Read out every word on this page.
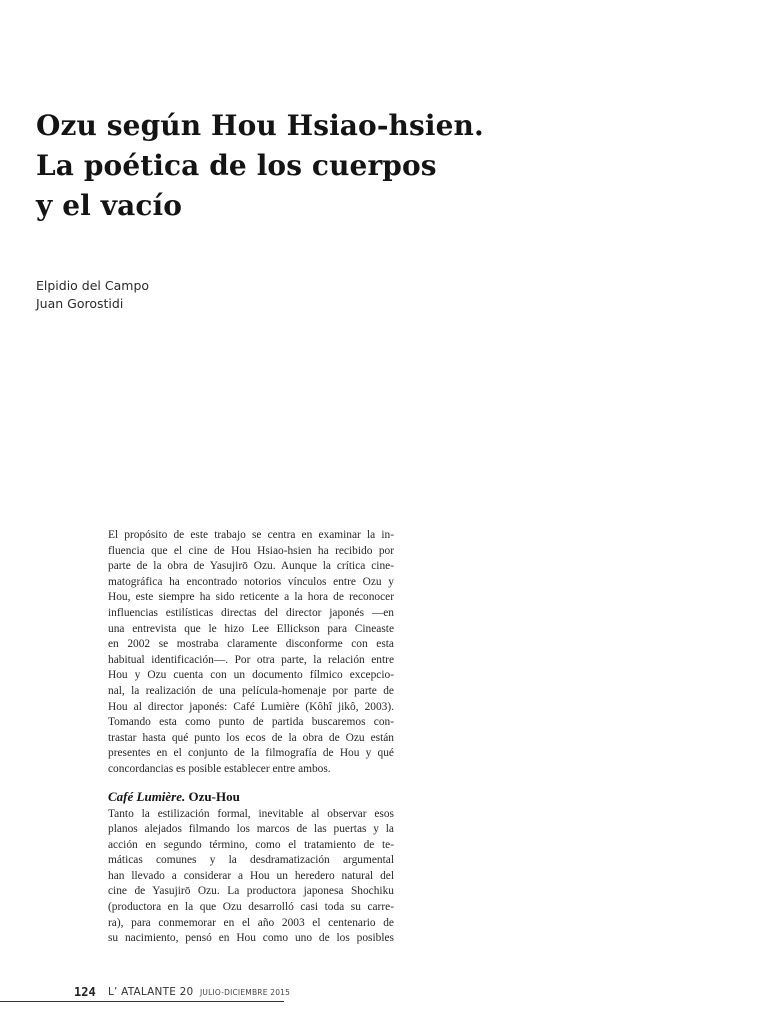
Ozu según Hou Hsiao-hsien.
La poética de los cuerpos
y el vacío
Elpidio del Campo
Juan Gorostidi

El propósito de este trabajo se centra en examinar la in-

fluencia que el cine de Hou Hsiao-hsien ha recibido por

parte de la obra de Yasujirō Ozu. Aunque la crítica cine-

matográfica ha encontrado notorios vínculos entre Ozu y

Hou, este siempre ha sido reticente a la hora de reconocer

influencias estilísticas directas del director japonés —en

una entrevista que le hizo Lee Ellickson para Cineaste

en 2002 se mostraba claramente disconforme con esta

habitual identificación—. Por otra parte, la relación entre

Hou y Ozu cuenta con un documento fílmico excepcio-

nal, la realización de una película-homenaje por parte de

Hou al director japonés: Café Lumière (Kôhî jikô, 2003).

Tomando esta como punto de partida buscaremos con-

trastar hasta qué punto los ecos de la obra de Ozu están

presentes en el conjunto de la filmografía de Hou y qué

concordancias es posible establecer entre ambos.

Café Lumière. Ozu-Hou

Tanto la estilización formal, inevitable al observar esos

planos alejados filmando los marcos de las puertas y la

acción en segundo término, como el tratamiento de te-

máticas comunes y la desdramatización argumental

han llevado a considerar a Hou un heredero natural del

cine de Yasujirō Ozu. La productora japonesa Shochiku

(productora en la que Ozu desarrolló casi toda su carre-

ra), para conmemorar en el año 2003 el centenario de

su nacimiento, pensó en Hou como uno de los posibles

124 L’ ATALANTE 20 JULIO-DICIEMBRE 2015
